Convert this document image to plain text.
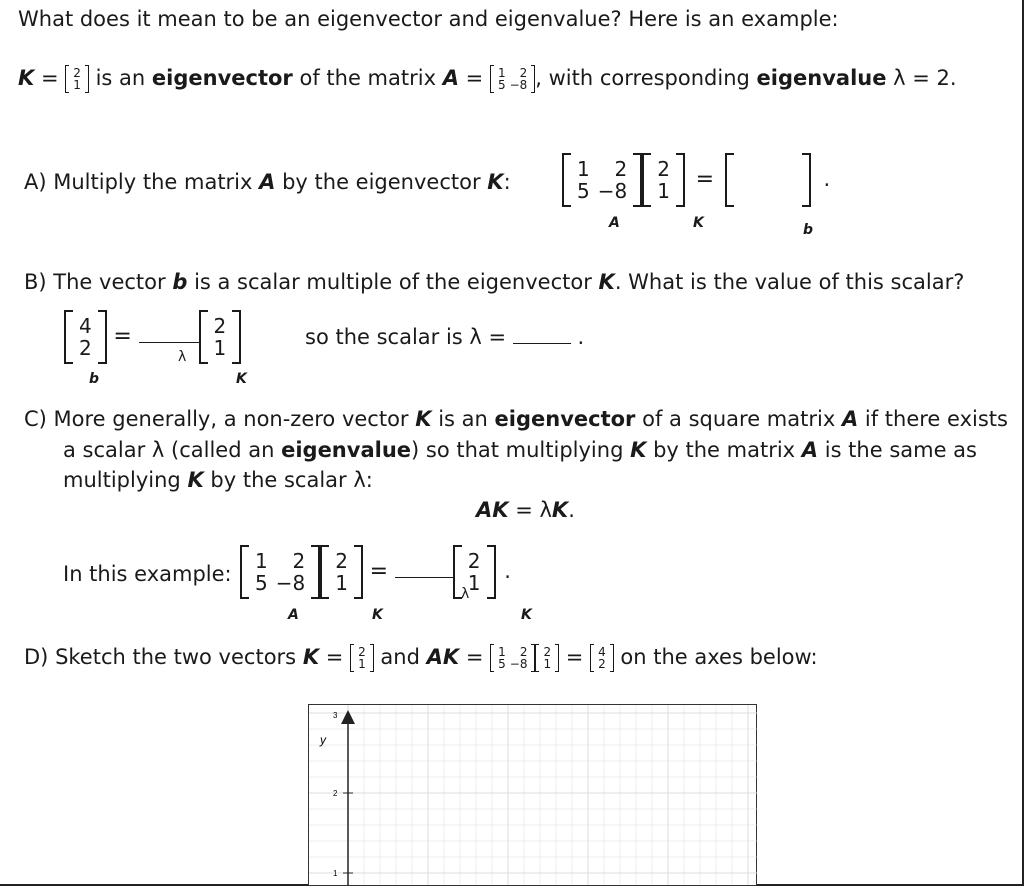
What does it mean to be an eigenvector and eigenvalue? Here is an example:
K = 2
1 is an eigenvector of the matrix A = 1	2
5	−8 , with corresponding eigenvalue λ = 2.
A) Multiply the matrix A by the eigenvector K:
1	2
5	−8
2
1 =

	.
A	K	b
B) The vector b is a scalar multiple of the eigenvector K. What is the value of this scalar?
4
2 =	2
1
λ
b	K
so the scalar is λ =	.
C) More generally, a non-zero vector K is an eigenvector of a square matrix A if there exists
a scalar λ (called an eigenvalue) so that multiplying K by the matrix A is the same as
multiplying K by the scalar λ:
AK = λK.
In this example:
1	2
5	−8
2
1 =	2
1 .
A	K
λ
K
D) Sketch the two vectors K = 2
1 and AK = 1	2
5	−8
2
1 = 4
2 on the axes below:
y
3
2
1
